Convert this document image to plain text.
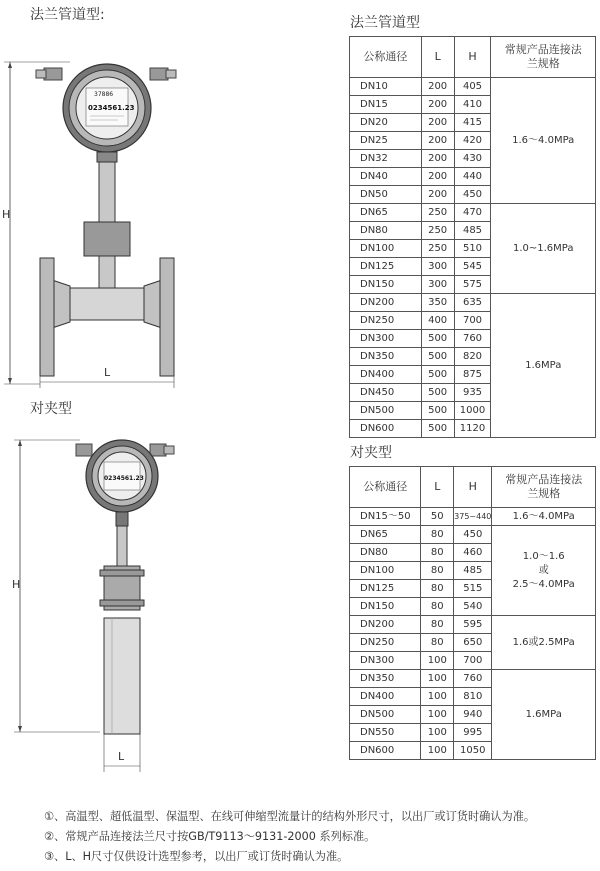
法兰管道型:
H
37886
0234561.23
L
对夹型
H
0234561.23
L
法兰管道型
公称通径	L	H	常规产品连接法兰规格
DN10	200	405	1.6～4.0MPa
DN15	200	410	
DN20	200	415	
DN25	200	420	
DN32	200	430	
DN40	200	440	
DN50	200	450	
DN65	250	470	1.0~1.6MPa
DN80	250	485	
DN100	250	510	
DN125	300	545	
DN150	300	575	
DN200	350	635	1.6MPa
DN250	400	700	
DN300	500	760	
DN350	500	820	
DN400	500	875	
DN450	500	935	
DN500	500	1000	
DN600	500	1120	
对夹型
公称通径	L	H	常规产品连接法兰规格
DN15～50	50	375~440	1.6～4.0MPa
DN65	80	450	1.0～1.6
或
2.5～4.0MPa
DN80	80	460	
DN100	80	485	
DN125	80	515	
DN150	80	540	
DN200	80	595	1.6或2.5MPa
DN250	80	650	
DN300	100	700	
DN350	100	760	1.6MPa
DN400	100	810	
DN500	100	940	
DN550	100	995	
DN600	100	1050	
①、高温型、超低温型、保温型、在线可伸缩型流量计的结构外形尺寸，以出厂或订货时确认为准。
②、常规产品连接法兰尺寸按GB/T9113～9131-2000 系列标准。
③、L、H尺寸仅供设计选型参考，以出厂或订货时确认为准。
